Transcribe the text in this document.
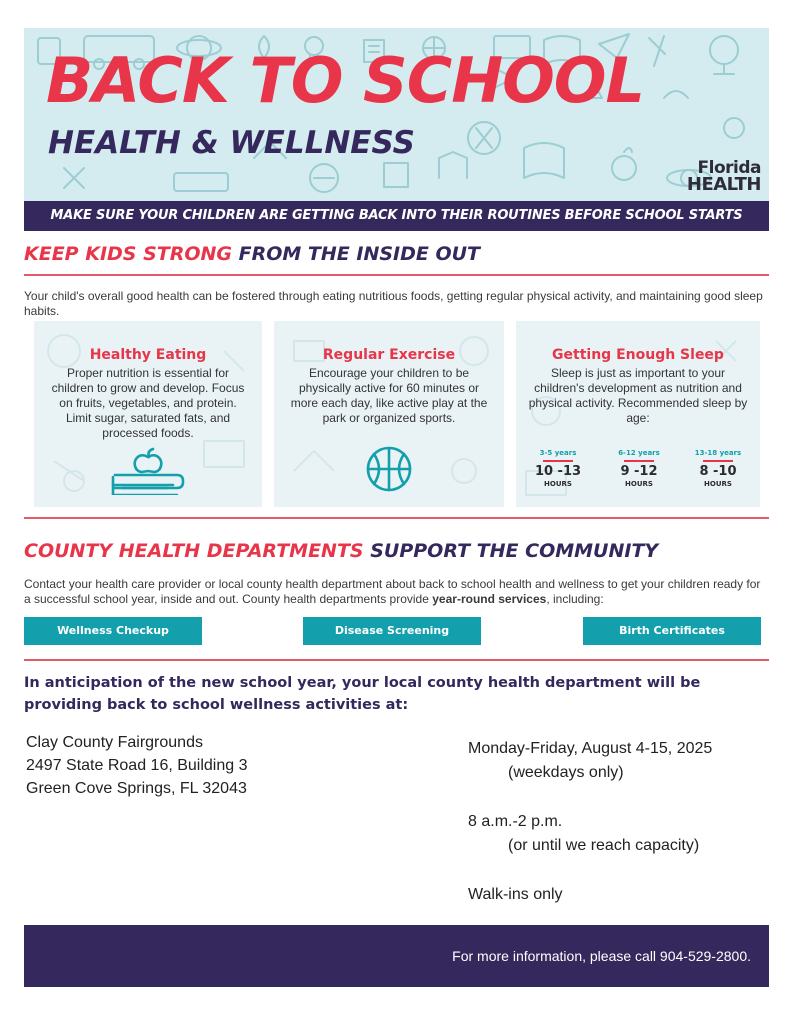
BACK TO SCHOOL
HEALTH & WELLNESS
Florida
HEALTH
MAKE SURE YOUR CHILDREN ARE GETTING BACK INTO THEIR ROUTINES BEFORE SCHOOL STARTS
KEEP KIDS STRONG FROM THE INSIDE OUT
Your child's overall good health can be fostered through eating nutritious foods, getting regular physical activity, and maintaining good sleep habits.
Healthy Eating
Proper nutrition is essential for children to grow and develop. Focus on fruits, vegetables, and protein. Limit sugar, saturated fats, and processed foods.
Regular Exercise
Encourage your children to be physically active for 60 minutes or more each day, like active play at the park or organized sports.
Getting Enough Sleep
Sleep is just as important to your children's development as nutrition and physical activity. Recommended sleep by age:
3-5 years
10 -13
HOURS
6-12 years
9 -12
HOURS
13-18 years
8 -10
HOURS
COUNTY HEALTH DEPARTMENTS SUPPORT THE COMMUNITY
Contact your health care provider or local county health department about back to school health and wellness to get your children ready for a successful school year, inside and out. County health departments provide year-round services, including:
Wellness Checkup	Disease Screening	Birth Certificates
In anticipation of the new school year, your local county health department will be providing back to school wellness activities at:
Clay County Fairgrounds
2497 State Road 16, Building 3
Green Cove Springs, FL 32043
Monday-Friday, August 4-15, 2025
(weekdays only)
8 a.m.-2 p.m.
(or until we reach capacity)
Walk-ins only
For more information, please call 904-529-2800.
